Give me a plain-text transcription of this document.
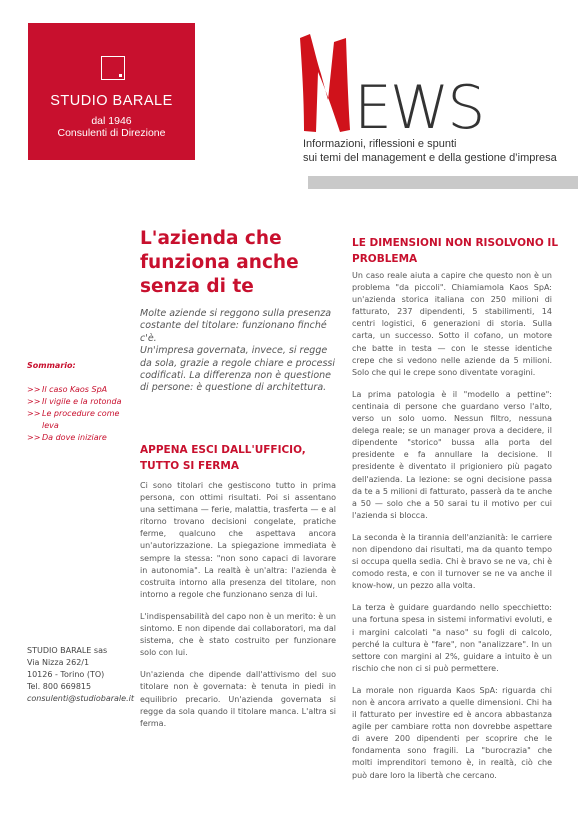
STUDIO BARALE
dal 1946
Consulenti di Direzione	EWS
Informazioni, riflessioni e spunti
sui temi del management e della gestione d’impresa
L'azienda che funziona anche senza di te

Molte aziende si reggono sulla presenza costante del titolare: funzionano finché c'è.

Un'impresa governata, invece, si regge da sola, grazie a regole chiare e processi codificati. La differenza non è questione di persone: è questione di architettura.

Sommario:
>> Il caso Kaos SpA
>> Il vigile e la rotonda
>> Le procedure come leva
>> Da dove iniziare
APPENA ESCI DALL'UFFICIO, TUTTO SI FERMA

Ci sono titolari che gestiscono tutto in prima persona, con ottimi risultati. Poi si assentano una settimana — ferie, malattia, trasferta — e al ritorno trovano decisioni congelate, pratiche ferme, qualcuno che aspettava ancora un'autorizzazione. La spiegazione immediata è sempre la stessa: "non sono capaci di lavorare in autonomia". La realtà è un'altra: l'azienda è costruita intorno alla presenza del titolare, non intorno a regole che funzionano senza di lui.

L'indispensabilità del capo non è un merito: è un sintomo. E non dipende dai collaboratori, ma dal sistema, che è stato costruito per funzionare solo con lui.

Un'azienda che dipende dall'attivismo del suo titolare non è governata: è tenuta in piedi in equilibrio precario. Un'azienda governata si regge da sola quando il titolare manca. L'altra si ferma.

STUDIO BARALE sas
Via Nizza 262/1
10126 - Torino (TO)
Tel. 800 669815
consulenti@studiobarale.it
LE DIMENSIONI NON RISOLVONO IL PROBLEMA

Un caso reale aiuta a capire che questo non è un problema "da piccoli". Chiamiamola Kaos SpA: un'azienda storica italiana con 250 milioni di fatturato, 237 dipendenti, 5 stabilimenti, 14 centri logistici, 6 generazioni di storia. Sulla carta, un successo. Sotto il cofano, un motore che batte in testa — con le stesse identiche crepe che si vedono nelle aziende da 5 milioni. Solo che qui le crepe sono diventate voragini.

La prima patologia è il "modello a pettine": centinaia di persone che guardano verso l'alto, verso un solo uomo. Nessun filtro, nessuna delega reale; se un manager prova a decidere, il dipendente "storico" bussa alla porta del presidente e fa annullare la decisione. Il presidente è diventato il prigioniero più pagato dell'azienda. La lezione: se ogni decisione passa da te a 5 milioni di fatturato, passerà da te anche a 50 — solo che a 50 sarai tu il motivo per cui l'azienda si blocca.

La seconda è la tirannia dell'anzianità: le carriere non dipendono dai risultati, ma da quanto tempo si occupa quella sedia. Chi è bravo se ne va, chi è comodo resta, e con il turnover se ne va anche il know-how, un pezzo alla volta.

La terza è guidare guardando nello specchietto: una fortuna spesa in sistemi informativi evoluti, e i margini calcolati "a naso" su fogli di calcolo, perché la cultura è "fare", non "analizzare". In un settore con margini al 2%, guidare a intuito è un rischio che non ci si può permettere.

La morale non riguarda Kaos SpA: riguarda chi non è ancora arrivato a quelle dimensioni. Chi ha il fatturato per investire ed è ancora abbastanza agile per cambiare rotta non dovrebbe aspettare di avere 200 dipendenti per scoprire che le fondamenta sono fragili. La "burocrazia" che molti imprenditori temono è, in realtà, ciò che può dare loro la libertà che cercano.
